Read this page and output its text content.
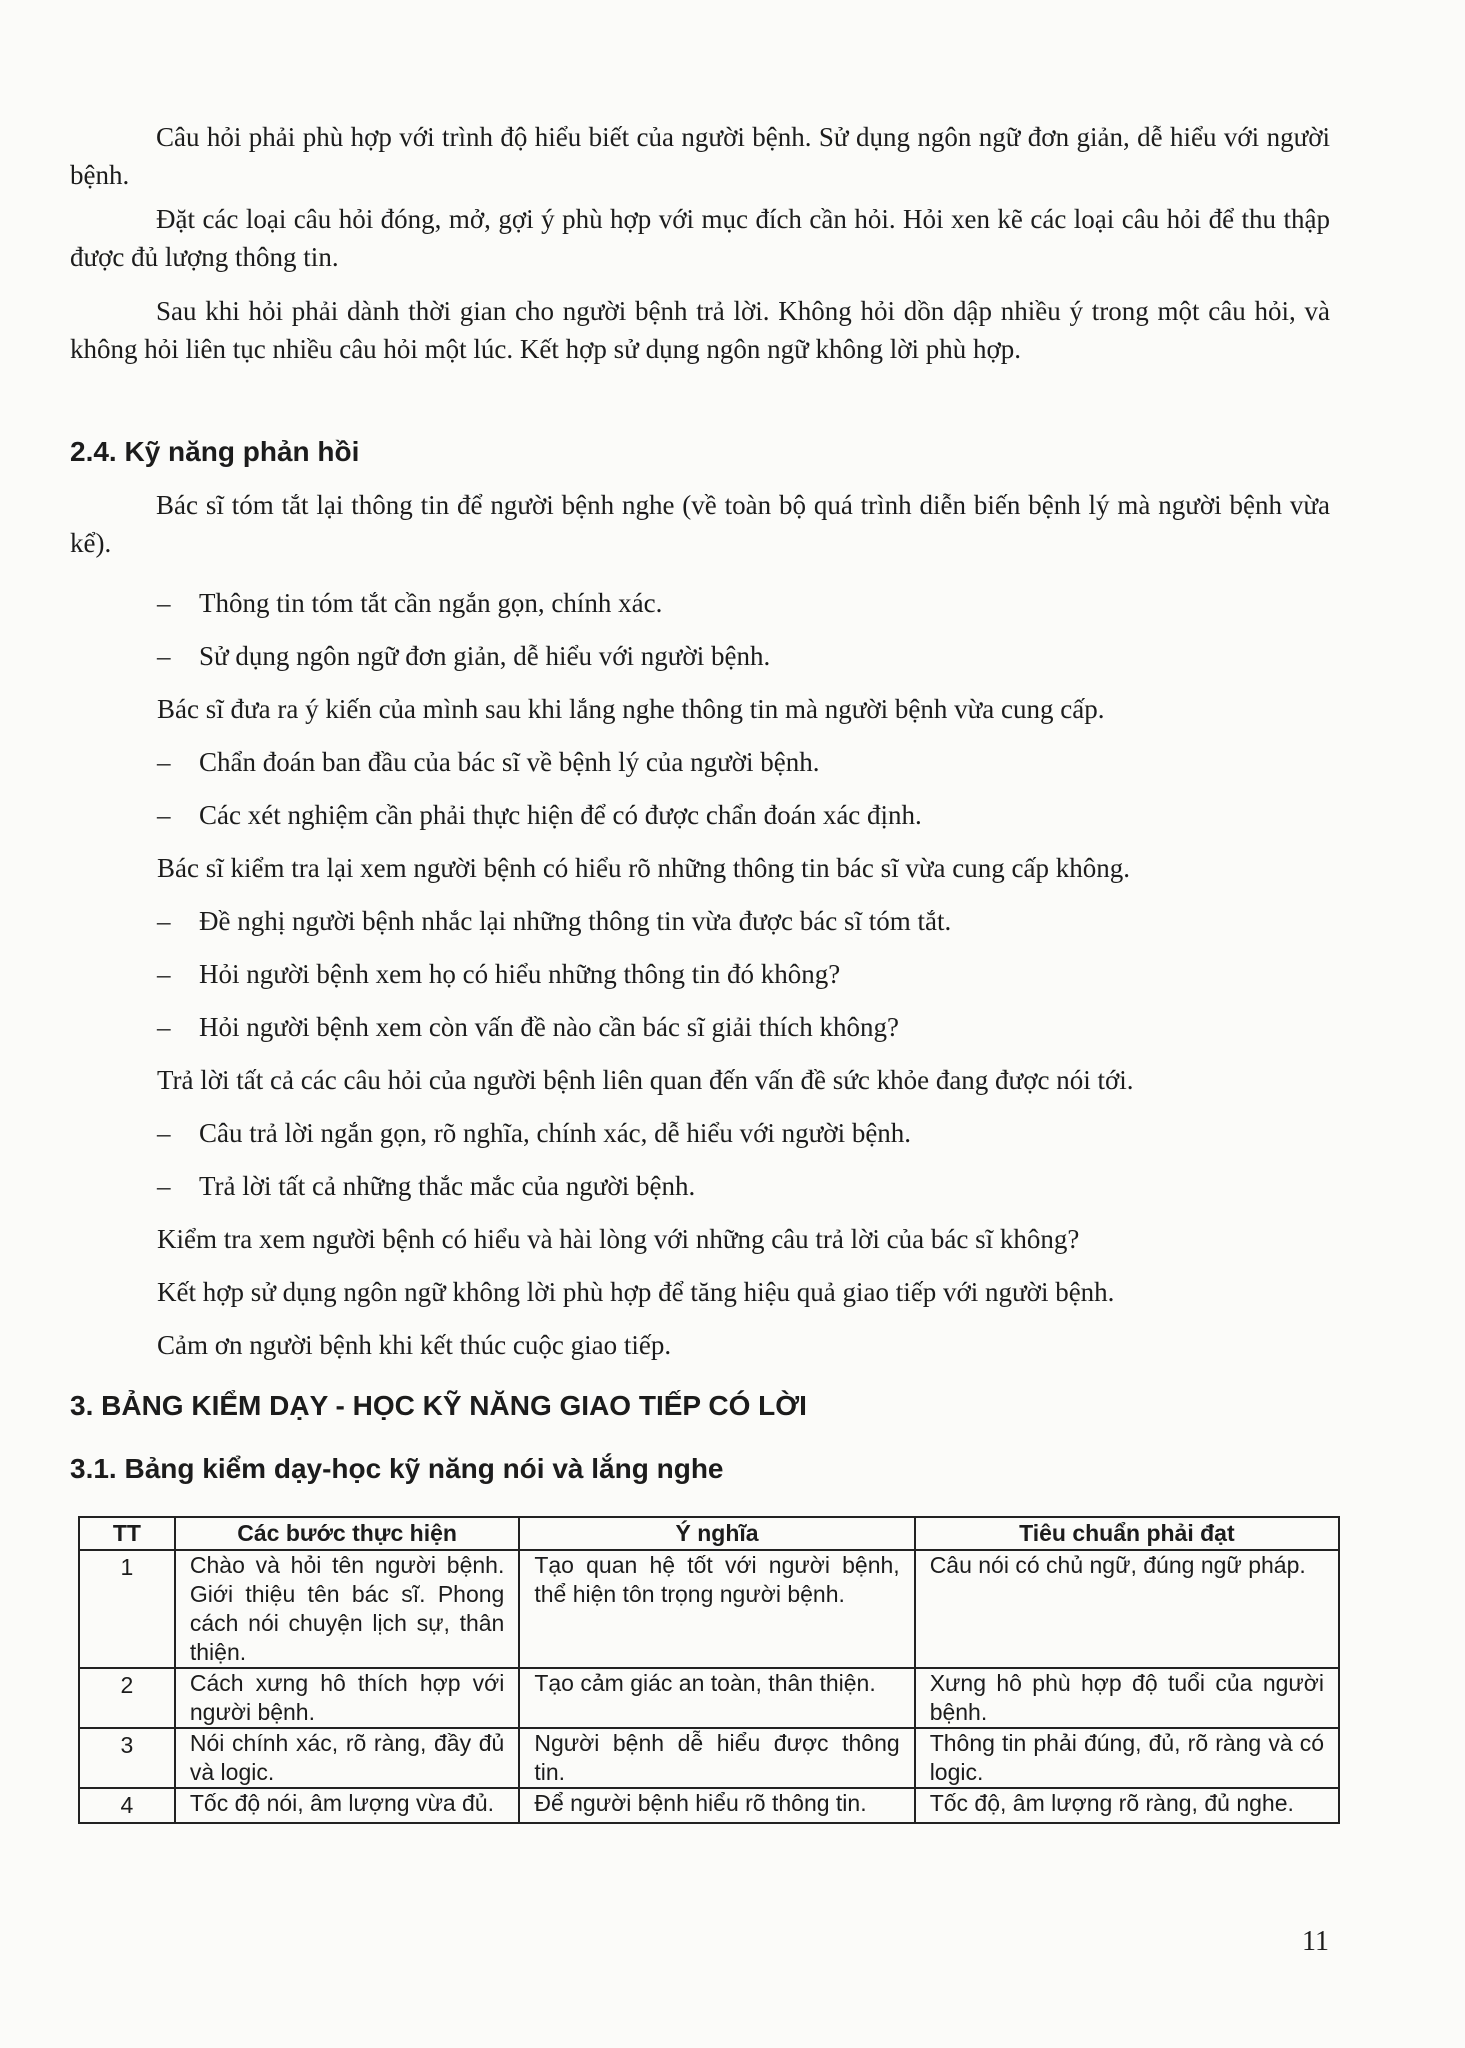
Câu hỏi phải phù hợp với trình độ hiểu biết của người bệnh. Sử dụng ngôn ngữ đơn giản, dễ hiểu với người bệnh.

Đặt các loại câu hỏi đóng, mở, gợi ý phù hợp với mục đích cần hỏi. Hỏi xen kẽ các loại câu hỏi để thu thập được đủ lượng thông tin.

Sau khi hỏi phải dành thời gian cho người bệnh trả lời. Không hỏi dồn dập nhiều ý trong một câu hỏi, và không hỏi liên tục nhiều câu hỏi một lúc. Kết hợp sử dụng ngôn ngữ không lời phù hợp.

2.4. Kỹ năng phản hồi

Bác sĩ tóm tắt lại thông tin để người bệnh nghe (về toàn bộ quá trình diễn biến bệnh lý mà người bệnh vừa kể).

– Thông tin tóm tắt cần ngắn gọn, chính xác.

– Sử dụng ngôn ngữ đơn giản, dễ hiểu với người bệnh.

Bác sĩ đưa ra ý kiến của mình sau khi lắng nghe thông tin mà người bệnh vừa cung cấp.

– Chẩn đoán ban đầu của bác sĩ về bệnh lý của người bệnh.

– Các xét nghiệm cần phải thực hiện để có được chẩn đoán xác định.

Bác sĩ kiểm tra lại xem người bệnh có hiểu rõ những thông tin bác sĩ vừa cung cấp không.

– Đề nghị người bệnh nhắc lại những thông tin vừa được bác sĩ tóm tắt.

– Hỏi người bệnh xem họ có hiểu những thông tin đó không?

– Hỏi người bệnh xem còn vấn đề nào cần bác sĩ giải thích không?

Trả lời tất cả các câu hỏi của người bệnh liên quan đến vấn đề sức khỏe đang được nói tới.

– Câu trả lời ngắn gọn, rõ nghĩa, chính xác, dễ hiểu với người bệnh.

– Trả lời tất cả những thắc mắc của người bệnh.

Kiểm tra xem người bệnh có hiểu và hài lòng với những câu trả lời của bác sĩ không?

Kết hợp sử dụng ngôn ngữ không lời phù hợp để tăng hiệu quả giao tiếp với người bệnh.

Cảm ơn người bệnh khi kết thúc cuộc giao tiếp.

3. BẢNG KIỂM DẠY - HỌC KỸ NĂNG GIAO TIẾP CÓ LỜI
3.1. Bảng kiểm dạy-học kỹ năng nói và lắng nghe
TT	Các bước thực hiện	Ý nghĩa	Tiêu chuẩn phải đạt
1	Chào và hỏi tên người bệnh. Giới thiệu tên bác sĩ. Phong cách nói chuyện lịch sự, thân thiện.	Tạo quan hệ tốt với người bệnh, thể hiện tôn trọng người bệnh.	Câu nói có chủ ngữ, đúng ngữ pháp.
2	Cách xưng hô thích hợp với người bệnh.	Tạo cảm giác an toàn, thân thiện.	Xưng hô phù hợp độ tuổi của người bệnh.
3	Nói chính xác, rõ ràng, đầy đủ và logic.	Người bệnh dễ hiểu được thông tin.	Thông tin phải đúng, đủ, rõ ràng và có logic.
4	Tốc độ nói, âm lượng vừa đủ.	Để người bệnh hiểu rõ thông tin.	Tốc độ, âm lượng rõ ràng, đủ nghe.
11
